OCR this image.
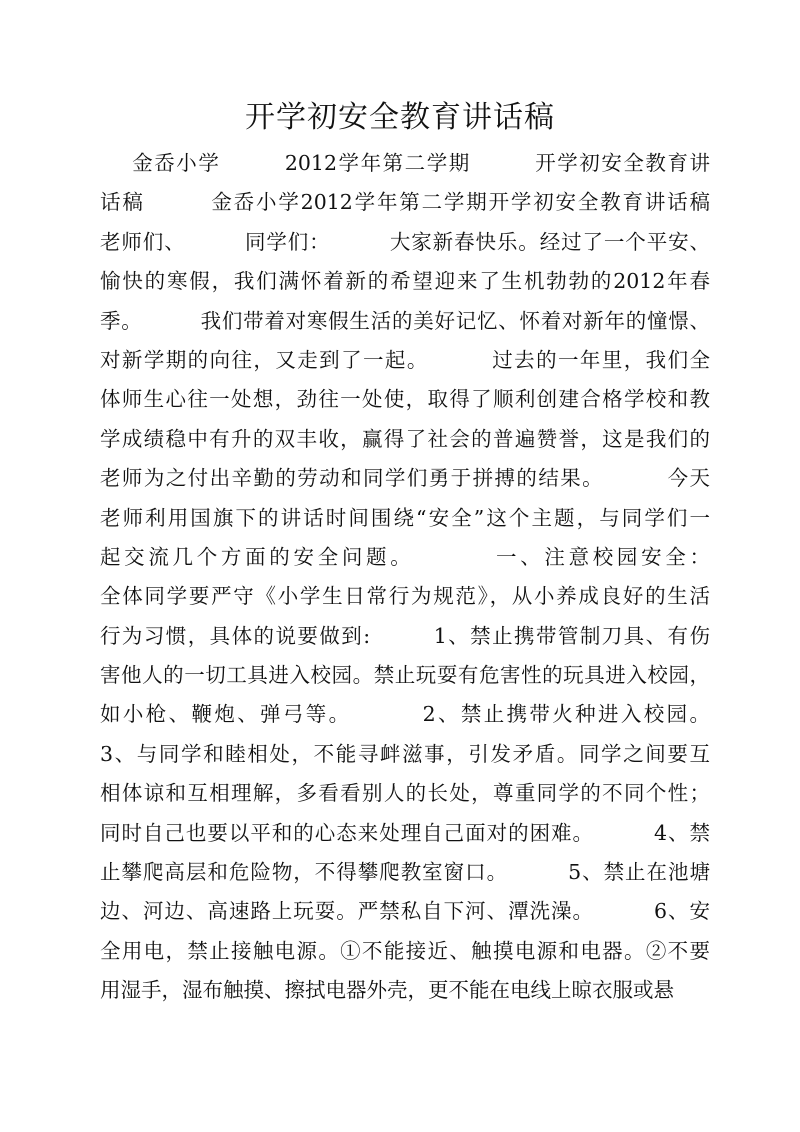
开学初安全教育讲话稿
金岙小学        2012学年第二学期        开学初安全教育讲
话稿        金岙小学2012学年第二学期开学初安全教育讲话稿
老师们、        同学们：        大家新春快乐。经过了一个平安、
愉快的寒假，我们满怀着新的希望迎来了生机勃勃的2012年春
季。        我们带着对寒假生活的美好记忆、怀着对新年的憧憬、
对新学期的向往，又走到了一起。        过去的一年里，我们全
体师生心往一处想，劲往一处使，取得了顺利创建合格学校和教
学成绩稳中有升的双丰收，赢得了社会的普遍赞誉，这是我们的
老师为之付出辛勤的劳动和同学们勇于拼搏的结果。        今天
老师利用国旗下的讲话时间围绕“安全”这个主题，与同学们一
起交流几个方面的安全问题。        一、注意校园安全：
全体同学要严守《小学生日常行为规范》，从小养成良好的生活
行为习惯，具体的说要做到:        1、禁止携带管制刀具、有伤
害他人的一切工具进入校园。禁止玩耍有危害性的玩具进入校园，
如小枪、鞭炮、弹弓等。        2、禁止携带火种进入校园。
3、与同学和睦相处，不能寻衅滋事，引发矛盾。同学之间要互
相体谅和互相理解，多看看别人的长处，尊重同学的不同个性；
同时自己也要以平和的心态来处理自己面对的困难。        4、禁
止攀爬高层和危险物，不得攀爬教室窗口。        5、禁止在池塘
边、河边、高速路上玩耍。严禁私自下河、潭洗澡。        6、安
全用电，禁止接触电源。①不能接近、触摸电源和电器。②不要
用湿手，湿布触摸、擦拭电器外壳，更不能在电线上晾衣服或悬
